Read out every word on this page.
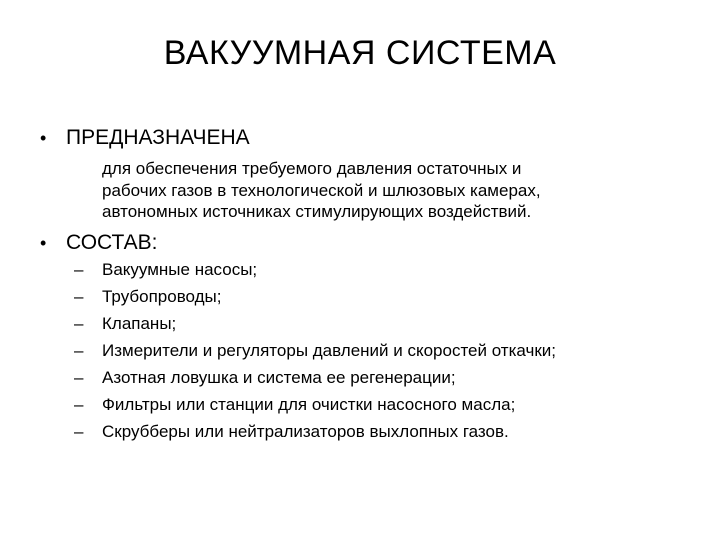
ВАКУУМНАЯ СИСТЕМА
• ПРЕДНАЗНАЧЕНА

для обеспечения требуемого давления остаточных и
рабочих газов в технологической и шлюзовых камерах,
автономных источниках стимулирующих воздействий.

• СОСТАВ:
–	Вакуумные насосы;
–	Трубопроводы;
–	Клапаны;
–	Измерители и регуляторы давлений и скоростей откачки;
–	Азотная ловушка и система ее регенерации;
–	Фильтры или станции для очистки насосного масла;
–	Скрубберы или нейтрализаторов выхлопных газов.
